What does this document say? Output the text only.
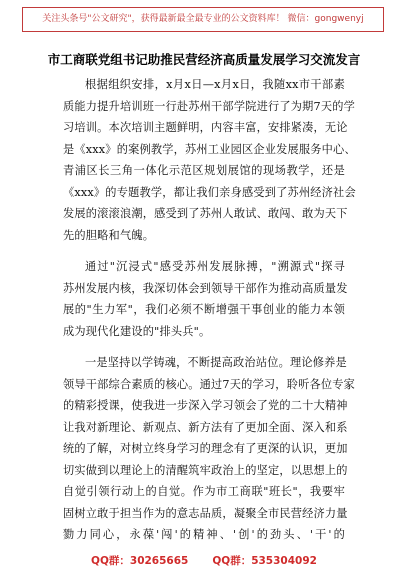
关注头条号"公文研究"，获得最新最全最专业的公文资料库！ 微信：gongwenyj
市工商联党组书记助推民营经济高质量发展学习交流发言
根据组织安排，x月x日—x月x日，我随xx市干部素
质能力提升培训班一行赴苏州干部学院进行了为期7天的学
习培训。本次培训主题鲜明，内容丰富，安排紧凑，无论
是《xxx》的案例教学，苏州工业园区企业发展服务中心、
青浦区长三角一体化示范区规划展馆的现场教学，还是
《xxx》的专题教学，都让我们亲身感受到了苏州经济社会
发展的滚滚浪潮，感受到了苏州人敢试、敢闯、敢为天下
先的胆略和气魄。
通过"沉浸式"感受苏州发展脉搏，"溯源式"探寻
苏州发展内核，我深切体会到领导干部作为推动高质量发
展的"生力军"，我们必须不断增强干事创业的能力本领
成为现代化建设的"排头兵"。
一是坚持以学铸魂，不断提高政治站位。理论修养是
领导干部综合素质的核心。通过7天的学习，聆听各位专家
的精彩授课，使我进一步深入学习领会了党的二十大精神
让我对新理论、新观点、新方法有了更加全面、深入和系
统的了解，对树立终身学习的理念有了更深的认识，更加
切实做到以理论上的清醒筑牢政治上的坚定，以思想上的
自觉引领行动上的自觉。作为市工商联"班长"，我要牢
固树立敢于担当作为的意志品质，凝聚全市民营经济力量
勠力同心，永葆'闯'的精神、'创'的劲头、'干'的
QQ群：30265665 QQ群：535304092
